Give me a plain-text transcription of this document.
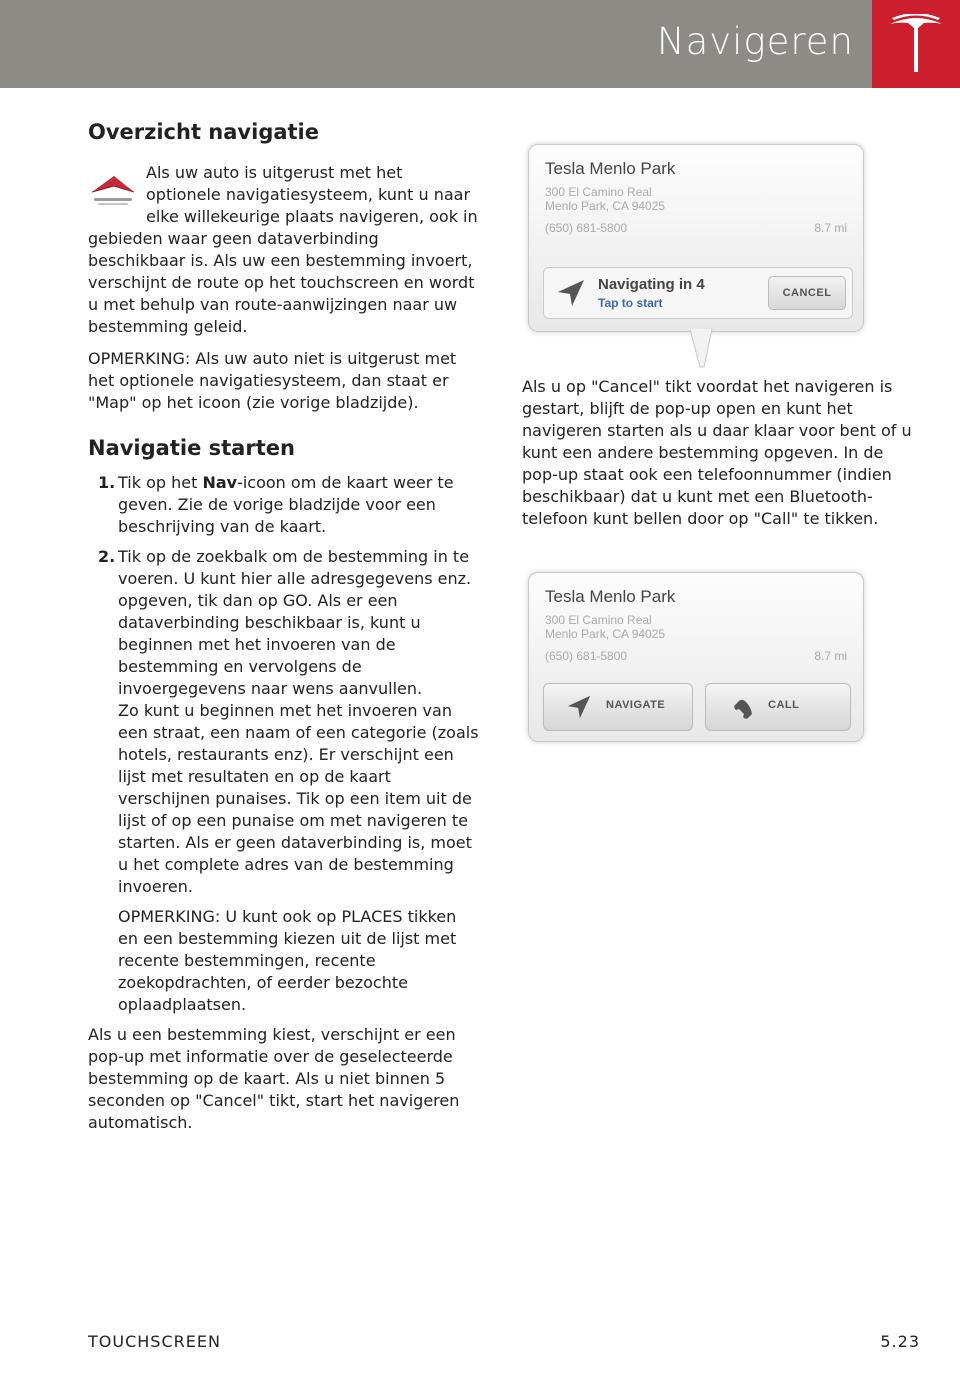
Navigeren
Overzicht navigatie

Als uw auto is uitgerust met het optionele navigatiesysteem, kunt u naar elke willekeurige plaats navigeren, ook in gebieden waar geen dataverbinding beschikbaar is. Als uw een bestemming invoert, verschijnt de route op het touchscreen en wordt u met behulp van route-aanwijzingen naar uw bestemming geleid.

OPMERKING: Als uw auto niet is uitgerust met het optionele navigatiesysteem, dan staat er "Map" op het icoon (zie vorige bladzijde).

Navigatie starten
1. Tik op het Nav-icoon om de kaart weer te geven. Zie de vorige bladzijde voor een beschrijving van de kaart.
2. Tik op de zoekbalk om de bestemming in te voeren. U kunt hier alle adresgegevens enz. opgeven, tik dan op GO. Als er een dataverbinding beschikbaar is, kunt u beginnen met het invoeren van de bestemming en vervolgens de invoergegevens naar wens aanvullen.
Zo kunt u beginnen met het invoeren van een straat, een naam of een categorie (zoals hotels, restaurants enz). Er verschijnt een lijst met resultaten en op de kaart verschijnen punaises. Tik op een item uit de lijst of op een punaise om met navigeren te starten. Als er geen dataverbinding is, moet u het complete adres van de bestemming invoeren.
OPMERKING: U kunt ook op PLACES tikken en een bestemming kiezen uit de lijst met recente bestemmingen, recente zoekopdrachten, of eerder bezochte oplaadplaatsen.

Als u een bestemming kiest, verschijnt er een pop-up met informatie over de geselecteerde bestemming op de kaart. Als u niet binnen 5 seconden op "Cancel" tikt, start het navigeren automatisch.

Tesla Menlo Park
300 El Camino Real
Menlo Park, CA 94025
(650) 681-5800	8.7 mi
Navigating in 4
Tap to start
CANCEL

Als u op "Cancel" tikt voordat het navigeren is gestart, blijft de pop-up open en kunt het navigeren starten als u daar klaar voor bent of u kunt een andere bestemming opgeven. In de pop-up staat ook een telefoonnummer (indien beschikbaar) dat u kunt met een Bluetooth-telefoon kunt bellen door op "Call" te tikken.

Tesla Menlo Park
300 El Camino Real
Menlo Park, CA 94025
(650) 681-5800	8.7 mi
NAVIGATE	CALL
TOUCHSCREEN	5.23
